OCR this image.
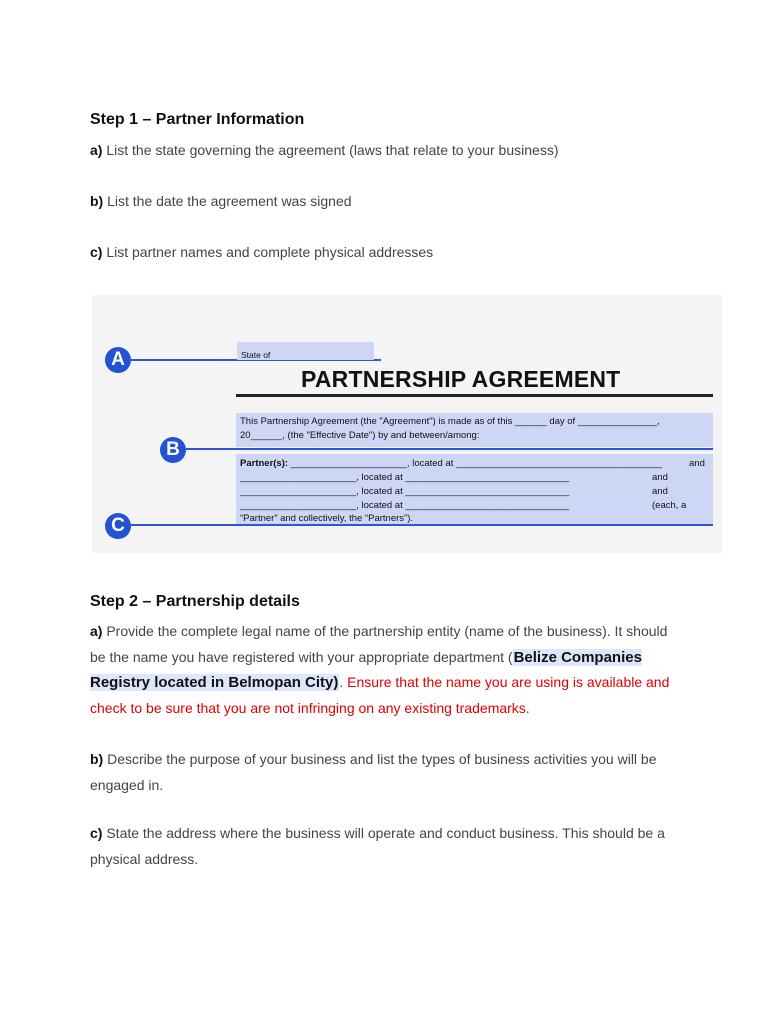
Step 1 – Partner Information
a) List the state governing the agreement (laws that relate to your business)
b) List the date the agreement was signed
c) List partner names and complete physical addresses
A	State of
PARTNERSHIP AGREEMENT
This Partnership Agreement (the "Agreement") is made as of this ______ day of _______________,
20______, (the "Effective Date") by and between/among:
B
Partner(s): ______________________, located at _______________________________________	and
______________________, located at _______________________________	and
______________________, located at _______________________________	and
______________________, located at _______________________________	(each, a
“Partner” and collectively, the “Partners”).
C
Step 2 – Partnership details
a) Provide the complete legal name of the partnership entity (name of the business). It should be the name you have registered with your appropriate department (Belize Companies Registry located in Belmopan City). Ensure that the name you are using is available and check to be sure that you are not infringing on any existing trademarks.
b) Describe the purpose of your business and list the types of business activities you will be engaged in.
c) State the address where the business will operate and conduct business. This should be a physical address.
